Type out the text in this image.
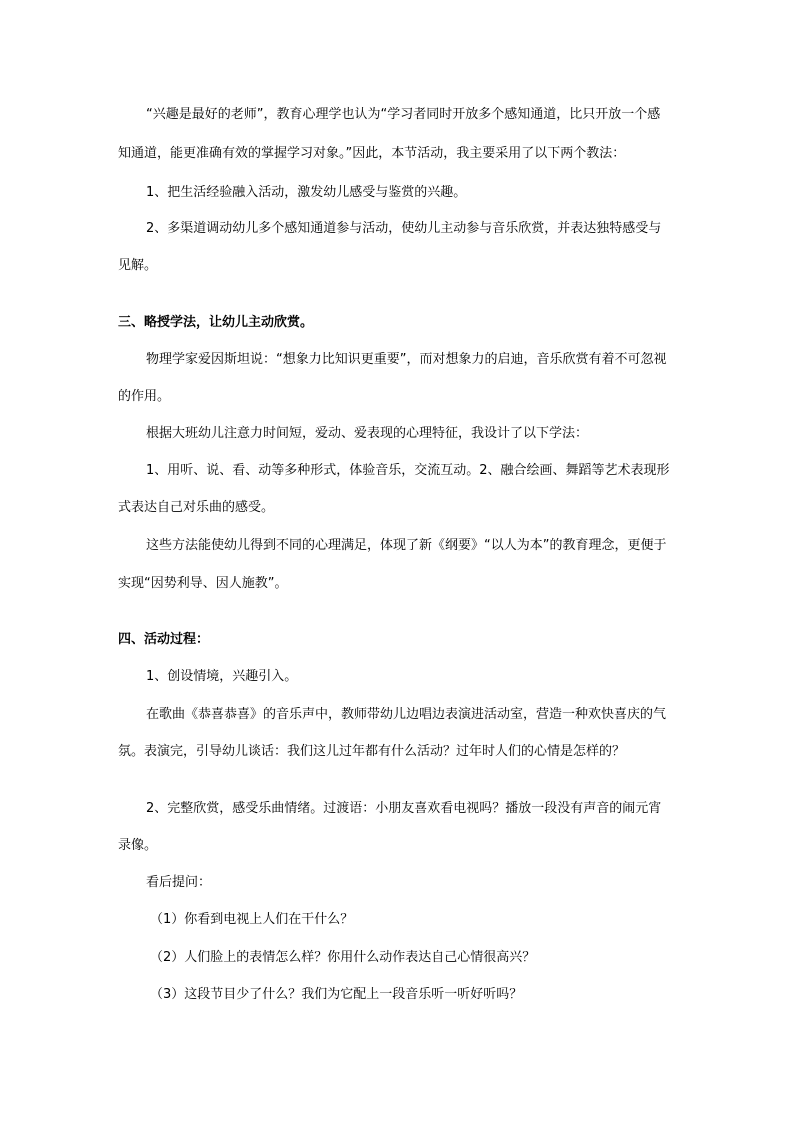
“兴趣是最好的老师”，教育心理学也认为“学习者同时开放多个感知通道，比只开放一个感
知通道，能更准确有效的掌握学习对象。”因此，本节活动，我主要采用了以下两个教法：
1、把生活经验融入活动，激发幼儿感受与鉴赏的兴趣。
2、多渠道调动幼儿多个感知通道参与活动，使幼儿主动参与音乐欣赏，并表达独特感受与
见解。
三、略授学法，让幼儿主动欣赏。
物理学家爱因斯坦说：“想象力比知识更重要”，而对想象力的启迪，音乐欣赏有着不可忽视
的作用。
根据大班幼儿注意力时间短，爱动、爱表现的心理特征，我设计了以下学法：
1、用听、说、看、动等多种形式，体验音乐，交流互动。2、融合绘画、舞蹈等艺术表现形
式表达自己对乐曲的感受。
这些方法能使幼儿得到不同的心理满足，体现了新《纲要》“以人为本”的教育理念，更便于
实现“因势利导、因人施教”。
四、活动过程：
1、创设情境，兴趣引入。
在歌曲《恭喜恭喜》的音乐声中，教师带幼儿边唱边表演进活动室，营造一种欢快喜庆的气
氛。表演完，引导幼儿谈话：我们这儿过年都有什么活动？过年时人们的心情是怎样的？
2、完整欣赏，感受乐曲情绪。过渡语：小朋友喜欢看电视吗？播放一段没有声音的闹元宵
录像。
看后提问：
（1）你看到电视上人们在干什么？
（2）人们脸上的表情怎么样？你用什么动作表达自己心情很高兴？
（3）这段节目少了什么？我们为它配上一段音乐听一听好听吗？
